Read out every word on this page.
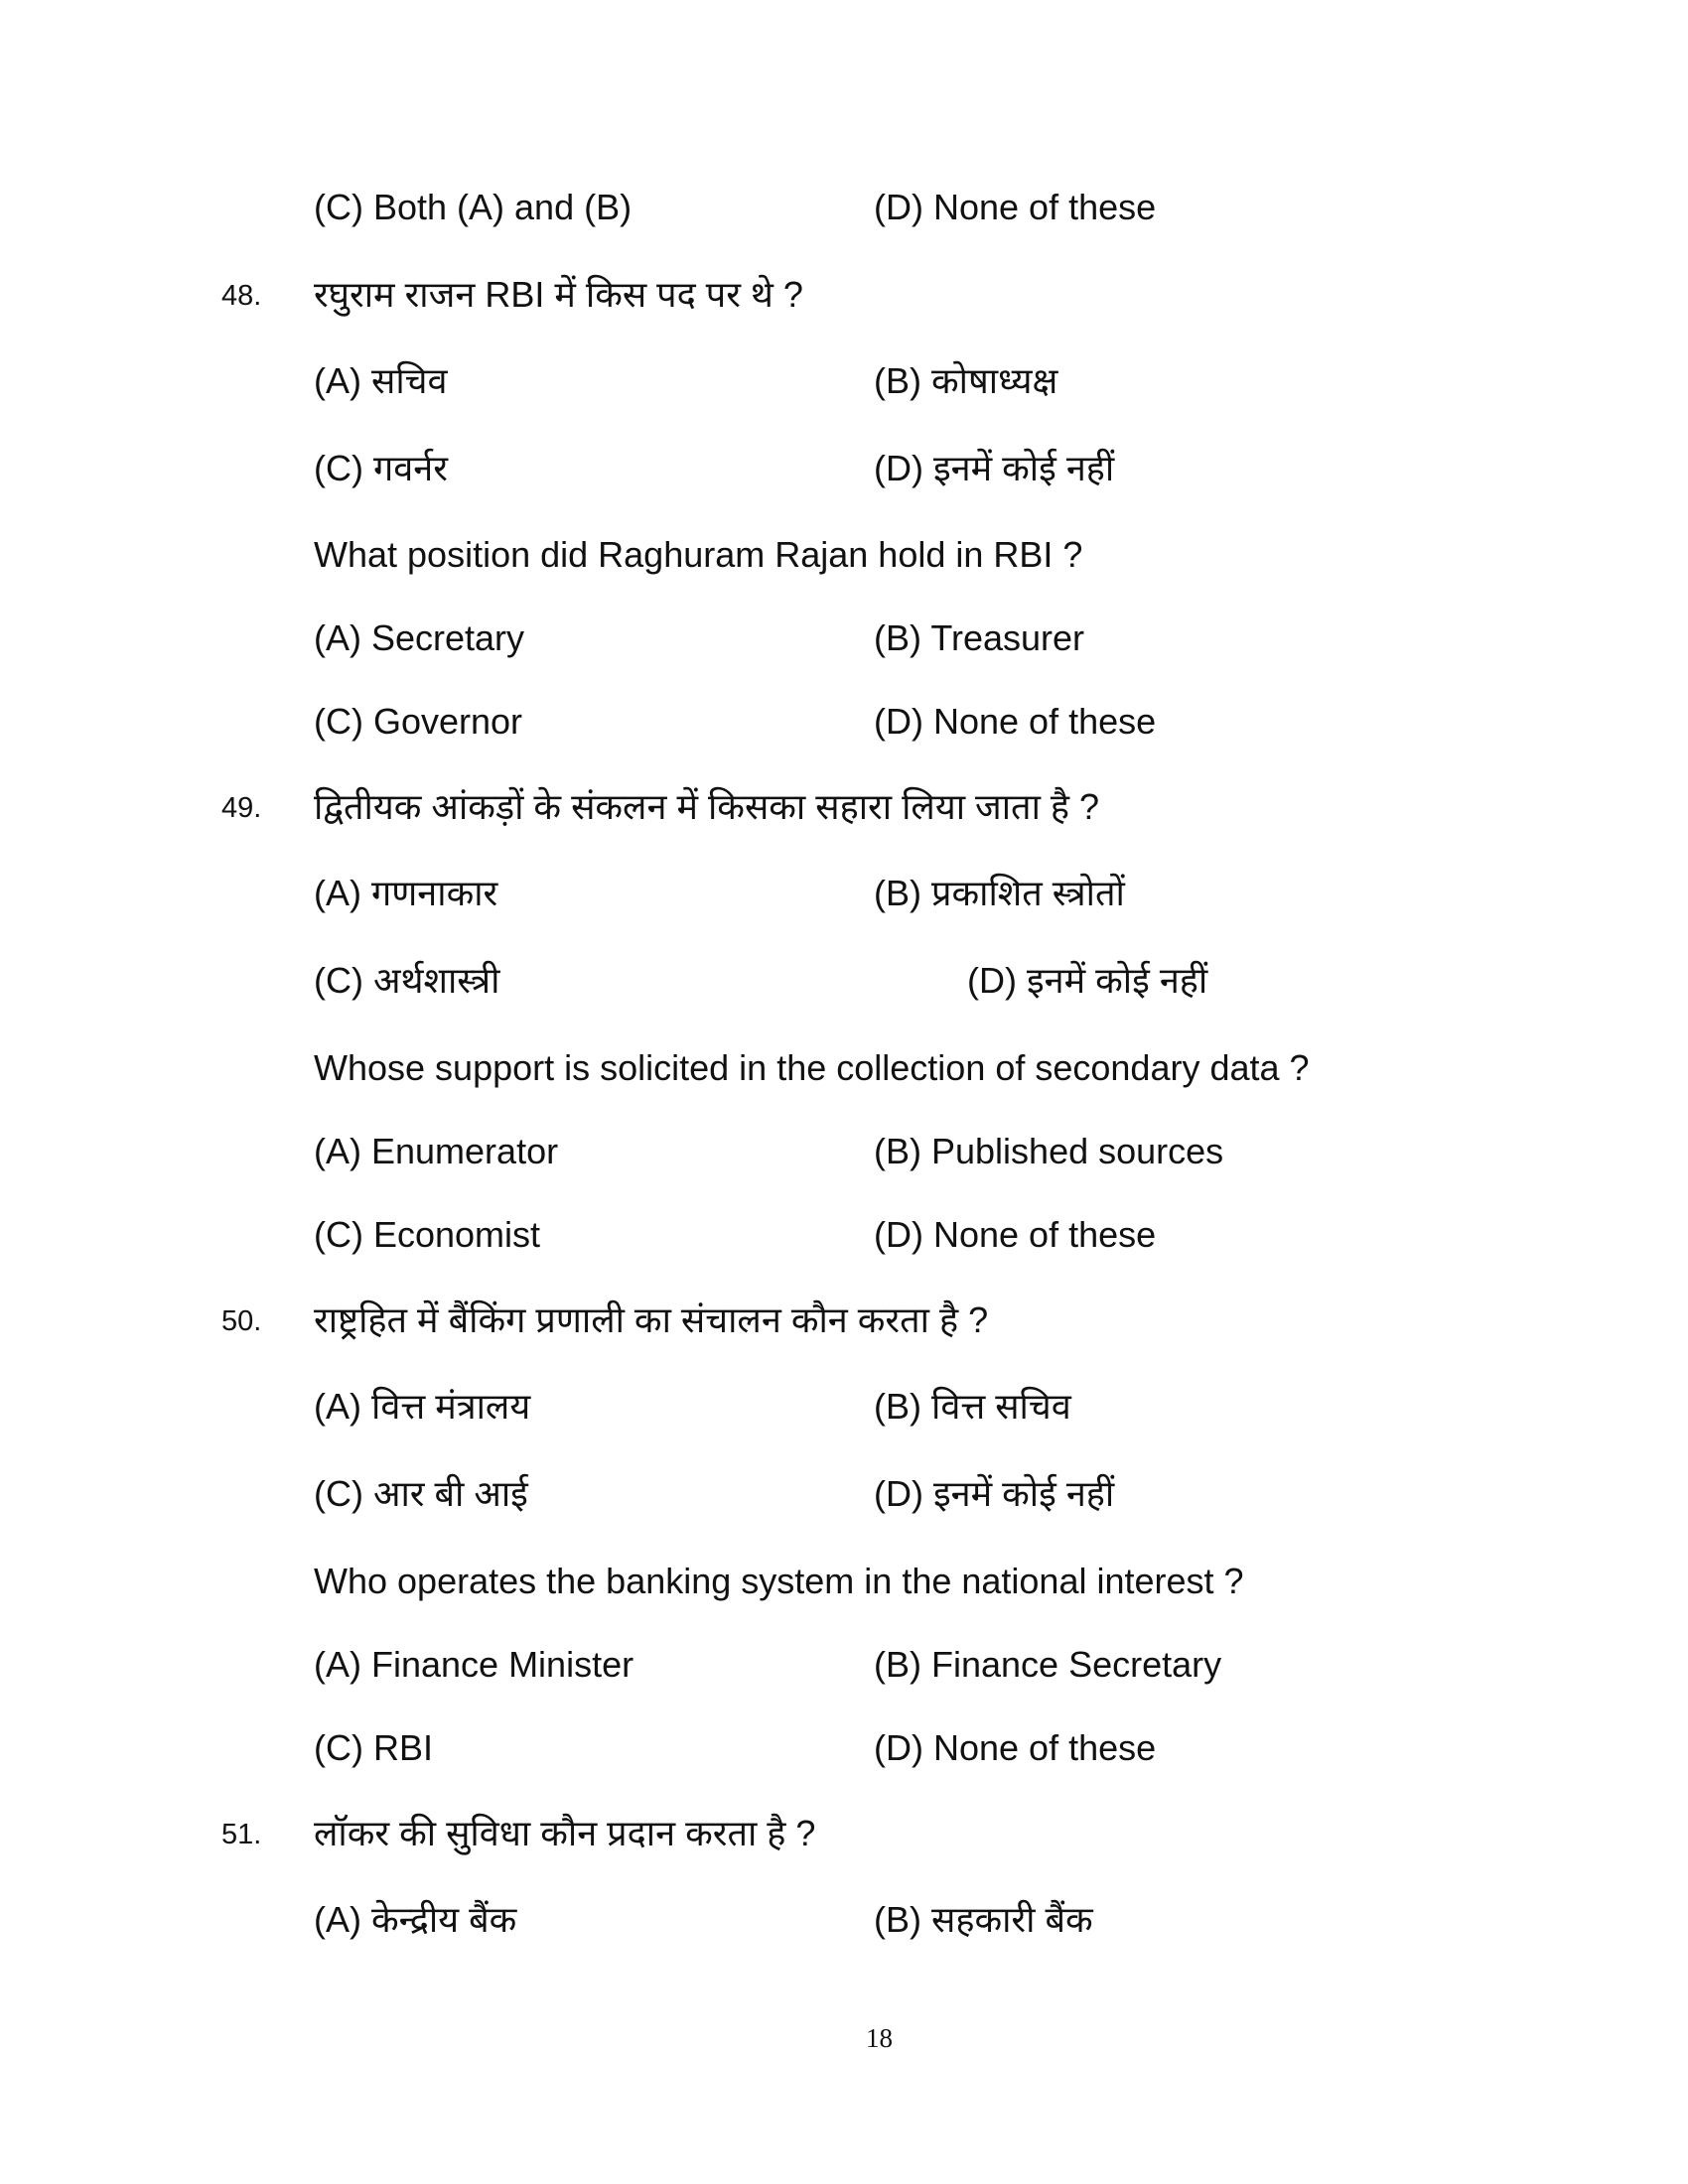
(C) Both (A) and (B)	(D) None of these
48. रघुराम राजन RBI में किस पद पर थे ?
(A) सचिव	(B) कोषाध्यक्ष
(C) गवर्नर	(D) इनमें कोई नहीं
What position did Raghuram Rajan hold in RBI ?
(A) Secretary	(B) Treasurer
(C) Governor	(D) None of these
49. द्वितीयक आंकड़ों के संकलन में किसका सहारा लिया जाता है ?
(A) गणनाकार	(B) प्रकाशित स्त्रोतों
(C) अर्थशास्त्री	(D) इनमें कोई नहीं
Whose support is solicited in the collection of secondary data ?
(A) Enumerator	(B) Published sources
(C) Economist	(D) None of these
50. राष्ट्रहित में बैंकिंग प्रणाली का संचालन कौन करता है ?
(A) वित्त मंत्रालय	(B) वित्त सचिव
(C) आर बी आई	(D) इनमें कोई नहीं
Who operates the banking system in the national interest ?
(A) Finance Minister	(B) Finance Secretary
(C) RBI	(D) None of these
51. लॉकर की सुविधा कौन प्रदान करता है ?
(A) केन्द्रीय बैंक	(B) सहकारी बैंक
18
